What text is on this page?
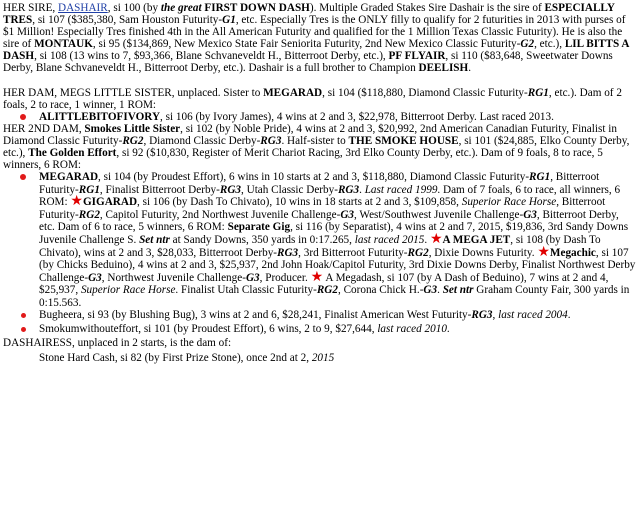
HER SIRE, DASHAIR, si 100 (by the great FIRST DOWN DASH). Multiple Graded Stakes Sire Dashair is the sire of ESPECIALLY TRES, si 107 ($385,380, Sam Houston Futurity-G1, etc. Especially Tres is the ONLY filly to qualify for 2 futurities in 2013 with purses of $1 Million! Especially Tres finished 4th in the All American Futurity and qualified for the 1 Million Texas Classic Futurity). He is also the sire of MONTAUK, si 95 ($134,869, New Mexico State Fair Seniorita Futurity, 2nd New Mexico Classic Futurity-G2, etc.), LIL BITTS A DASH, si 108 (13 wins to 7, $93,366, Blane Schvaneveldt H., Bitterroot Derby, etc.), PF FLYAIR, si 110 ($83,648, Sweetwater Downs Derby, Blane Schvaneveldt H., Bitterroot Derby, etc.). Dashair is a full brother to Champion DEELISH.

HER DAM, MEGS LITTLE SISTER, unplaced. Sister to MEGARAD, si 104 ($118,880, Diamond Classic Futurity-RG1, etc.). Dam of 2 foals, 2 to race, 1 winner, 1 ROM:

ALITTLEBITOFIVORY, si 106 (by Ivory James), 4 wins at 2 and 3, $22,978, Bitterroot Derby. Last raced 2013.

HER 2ND DAM, Smokes Little Sister, si 102 (by Noble Pride), 4 wins at 2 and 3, $20,992, 2nd American Canadian Futurity, Finalist in Diamond Classic Futurity-RG2, Diamond Classic Derby-RG3. Half-sister to THE SMOKE HOUSE, si 101 ($24,885, Elko County Derby, etc.), The Golden Effort, si 92 ($10,830, Register of Merit Chariot Racing, 3rd Elko County Derby, etc.). Dam of 9 foals, 8 to race, 5 winners, 6 ROM:

MEGARAD, si 104 (by Proudest Effort), 6 wins in 10 starts at 2 and 3, $118,880, Diamond Classic Futurity-RG1, Bitterroot Futurity-RG1, Finalist Bitterroot Derby-RG3, Utah Classic Derby-RG3. Last raced 1999. Dam of 7 foals, 6 to race, all winners, 6 ROM: ★GIGARAD, si 106 (by Dash To Chivato), 10 wins in 18 starts at 2 and 3, $109,858, Superior Race Horse, Bitterroot Futurity-RG2, Capitol Futurity, 2nd Northwest Juvenile Challenge-G3, West/Southwest Juvenile Challenge-G3, Bitterroot Derby, etc. Dam of 6 to race, 5 winners, 6 ROM: Separate Gig, si 116 (by Separatist), 4 wins at 2 and 7, 2015, $19,836, 3rd Sandy Downs Juvenile Challenge S. Set ntr at Sandy Downs, 350 yards in 0:17.265, last raced 2015. ★A MEGA JET, si 108 (by Dash To Chivato), wins at 2 and 3, $28,033, Bitterroot Derby-RG3, 3rd Bitterroot Futurity-RG2, Dixie Downs Futurity. ★Megachic, si 107 (by Chicks Beduino), 4 wins at 2 and 3, $25,937, 2nd John Hoak/Capitol Futurity, 3rd Dixie Downs Derby, Finalist Northwest Derby Challenge-G3, Northwest Juvenile Challenge-G3, Producer. ★ A Megadash, si 107 (by A Dash of Beduino), 7 wins at 2 and 4, $25,937, Superior Race Horse. Finalist Utah Classic Futurity-RG2, Corona Chick H.-G3. Set ntr Graham County Fair, 300 yards in 0:15.563.
Bugheera, si 93 (by Blushing Bug), 3 wins at 2 and 6, $28,241, Finalist American West Futurity-RG3, last raced 2004.
Smokumwithouteffort, si 101 (by Proudest Effort), 6 wins, 2 to 9, $27,644, last raced 2010.

DASHAIRESS, unplaced in 2 starts, is the dam of:

Stone Hard Cash, si 82 (by First Prize Stone), once 2nd at 2, 2015
